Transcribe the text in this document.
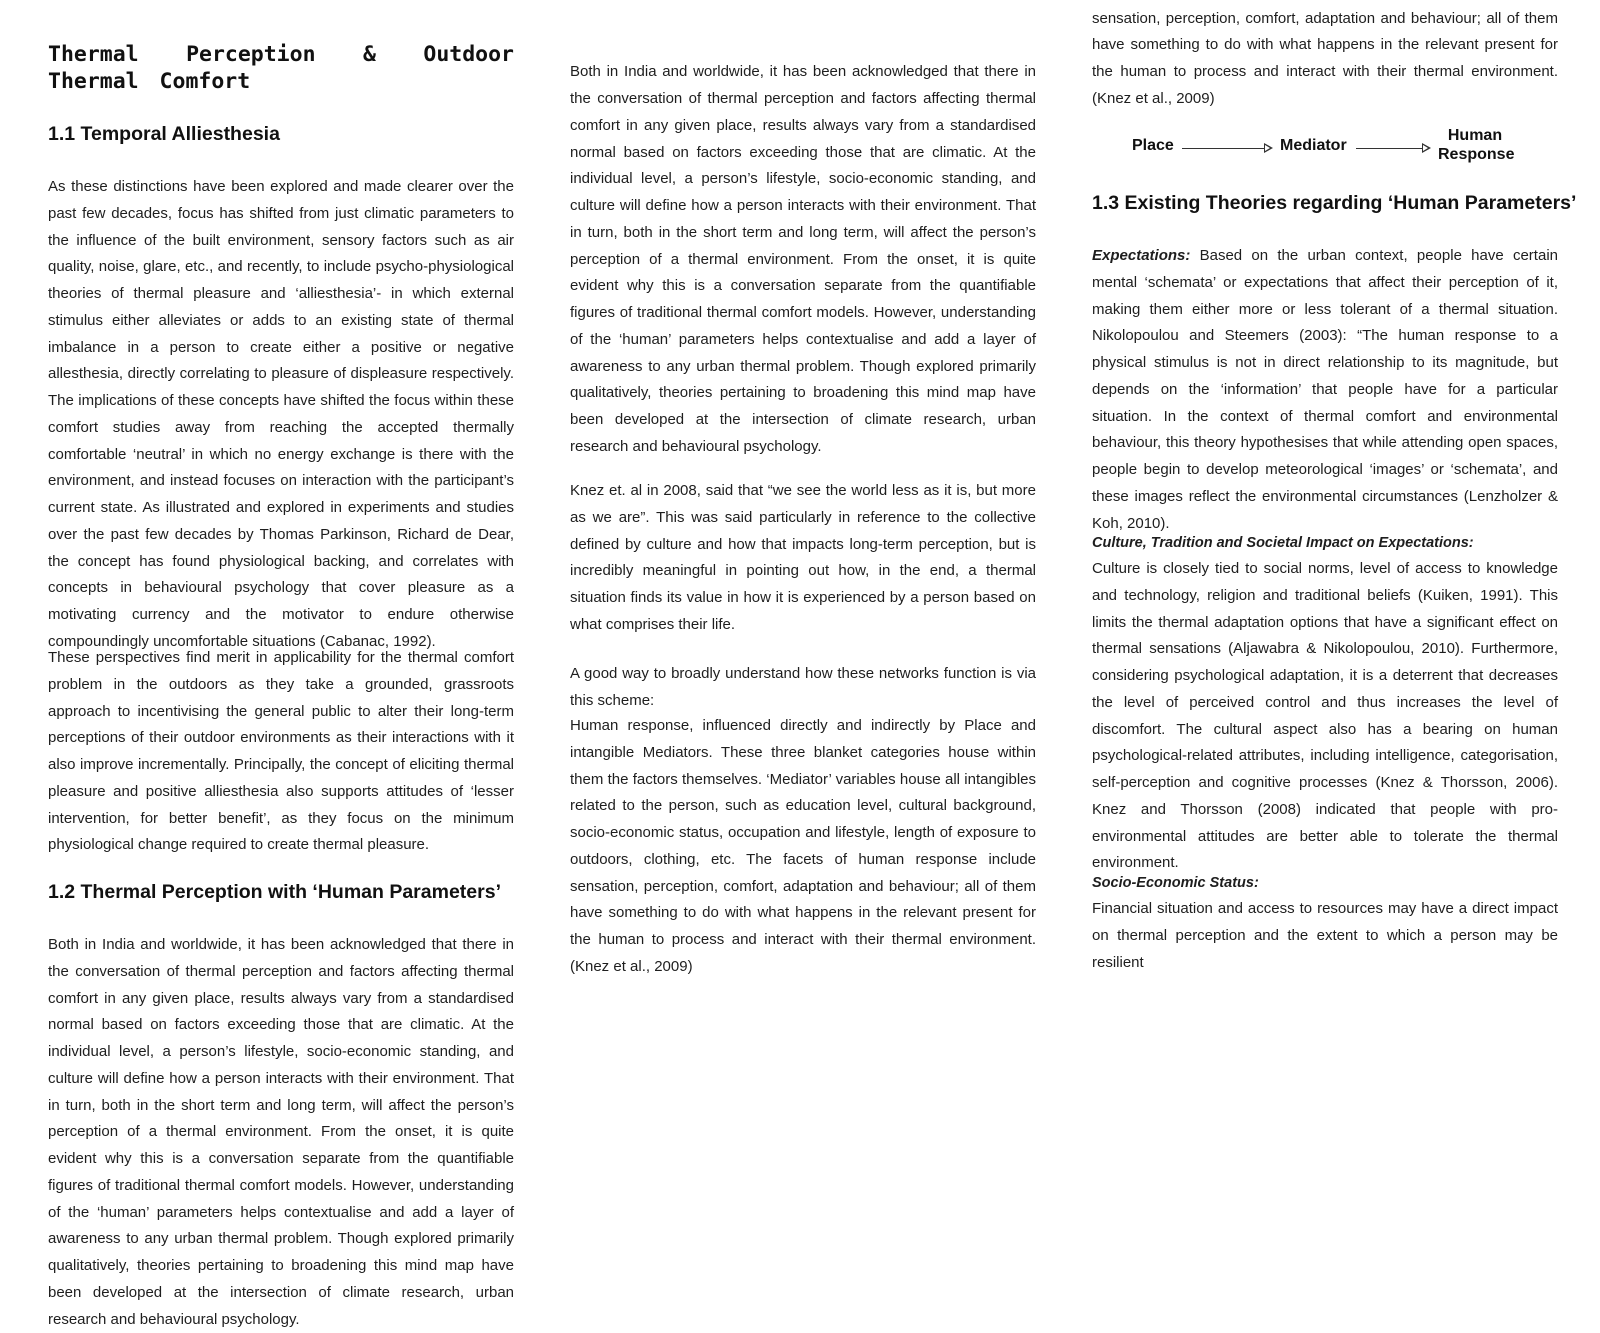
Thermal Perception & Outdoor Thermal Comfort
1.1 Temporal Alliesthesia

As these distinctions have been explored and made clearer over the past few decades, focus has shifted from just climatic parameters to the influence of the built environment, sensory factors such as air quality, noise, glare, etc., and recently, to include psycho-physiological theories of thermal pleasure and ‘alliesthesia’- in which external stimulus either alleviates or adds to an existing state of thermal imbalance in a person to create either a positive or negative allesthesia, directly correlating to pleasure of displeasure respectively. The implications of these concepts have shifted the focus within these comfort studies away from reaching the accepted thermally comfortable ‘neutral’ in which no energy exchange is there with the environment, and instead focuses on interaction with the participant’s current state. As illustrated and explored in experiments and studies over the past few decades by Thomas Parkinson, Richard de Dear, the concept has found physiological backing, and correlates with concepts in behavioural psychology that cover pleasure as a motivating currency and the motivator to endure otherwise compoundingly uncomfortable situations (Cabanac, 1992).

These perspectives find merit in applicability for the thermal comfort problem in the outdoors as they take a grounded, grassroots approach to incentivising the general public to alter their long-term perceptions of their outdoor environments as their interactions with it also improve incrementally. Principally, the concept of eliciting thermal pleasure and positive alliesthesia also supports attitudes of ‘lesser intervention, for better benefit’, as they focus on the minimum physiological change required to create thermal pleasure.

1.2 Thermal Perception with ‘Human Parameters’

Both in India and worldwide, it has been acknowledged that there in the conversation of thermal perception and factors affecting thermal comfort in any given place, results always vary from a standardised normal based on factors exceeding those that are climatic. At the individual level, a person’s lifestyle, socio-economic standing, and culture will define how a person interacts with their environment. That in turn, both in the short term and long term, will affect the person’s perception of a thermal environment. From the onset, it is quite evident why this is a conversation separate from the quantifiable figures of traditional thermal comfort models. However, understanding of the ‘human’ parameters helps contextualise and add a layer of awareness to any urban thermal problem. Though explored primarily qualitatively, theories pertaining to broadening this mind map have been developed at the intersection of climate research, urban research and behavioural psychology.

Both in India and worldwide, it has been acknowledged that there in the conversation of thermal perception and factors affecting thermal comfort in any given place, results always vary from a standardised normal based on factors exceeding those that are climatic. At the individual level, a person’s lifestyle, socio-economic standing, and culture will define how a person interacts with their environment. That in turn, both in the short term and long term, will affect the person’s perception of a thermal environment. From the onset, it is quite evident why this is a conversation separate from the quantifiable figures of traditional thermal comfort models. However, understanding of the ‘human’ parameters helps contextualise and add a layer of awareness to any urban thermal problem. Though explored primarily qualitatively, theories pertaining to broadening this mind map have been developed at the intersection of climate research, urban research and behavioural psychology.

Knez et. al in 2008, said that “we see the world less as it is, but more as we are”. This was said particularly in reference to the collective defined by culture and how that impacts long-term perception, but is incredibly meaningful in pointing out how, in the end, a thermal situation finds its value in how it is experienced by a person based on what comprises their life.

A good way to broadly understand how these networks function is via this scheme:

Human response, influenced directly and indirectly by Place and intangible Mediators. These three blanket categories house within them the factors themselves. ‘Mediator’ variables house all intangibles related to the person, such as education level, cultural background, socio-economic status, occupation and lifestyle, length of exposure to outdoors, clothing, etc. The facets of human response include sensation, perception, comfort, adaptation and behaviour; all of them have something to do with what happens in the relevant present for the human to process and interact with their thermal environment. (Knez et al., 2009)

sensation, perception, comfort, adaptation and behaviour; all of them have something to do with what happens in the relevant present for the human to process and interact with their thermal environment. (Knez et al., 2009)

Place	Mediator
Human Response
1.3 Existing Theories regarding ‘Human Parameters’

Expectations: Based on the urban context, people have certain mental ‘schemata’ or expectations that affect their perception of it, making them either more or less tolerant of a thermal situation. Nikolopoulou and Steemers (2003): “The human response to a physical stimulus is not in direct relationship to its magnitude, but depends on the ‘information’ that people have for a particular situation. In the context of thermal comfort and environmental behaviour, this theory hypothesises that while attending open spaces, people begin to develop meteorological ‘images’ or ‘schemata’, and these images reflect the environmental circumstances (Lenzholzer & Koh, 2010).

Culture, Tradition and Societal Impact on Expectations:

Culture is closely tied to social norms, level of access to knowledge and technology, religion and traditional beliefs (Kuiken, 1991). This limits the thermal adaptation options that have a significant effect on thermal sensations (Aljawabra & Nikolopoulou, 2010). Furthermore, considering psychological adaptation, it is a deterrent that decreases the level of perceived control and thus increases the level of discomfort. The cultural aspect also has a bearing on human psychological-related attributes, including intelligence, categorisation, self-perception and cognitive processes (Knez & Thorsson, 2006). Knez and Thorsson (2008) indicated that people with pro-environmental attitudes are better able to tolerate the thermal environment.

Socio-Economic Status:

Financial situation and access to resources may have a direct impact on thermal perception and the extent to which a person may be resilient
